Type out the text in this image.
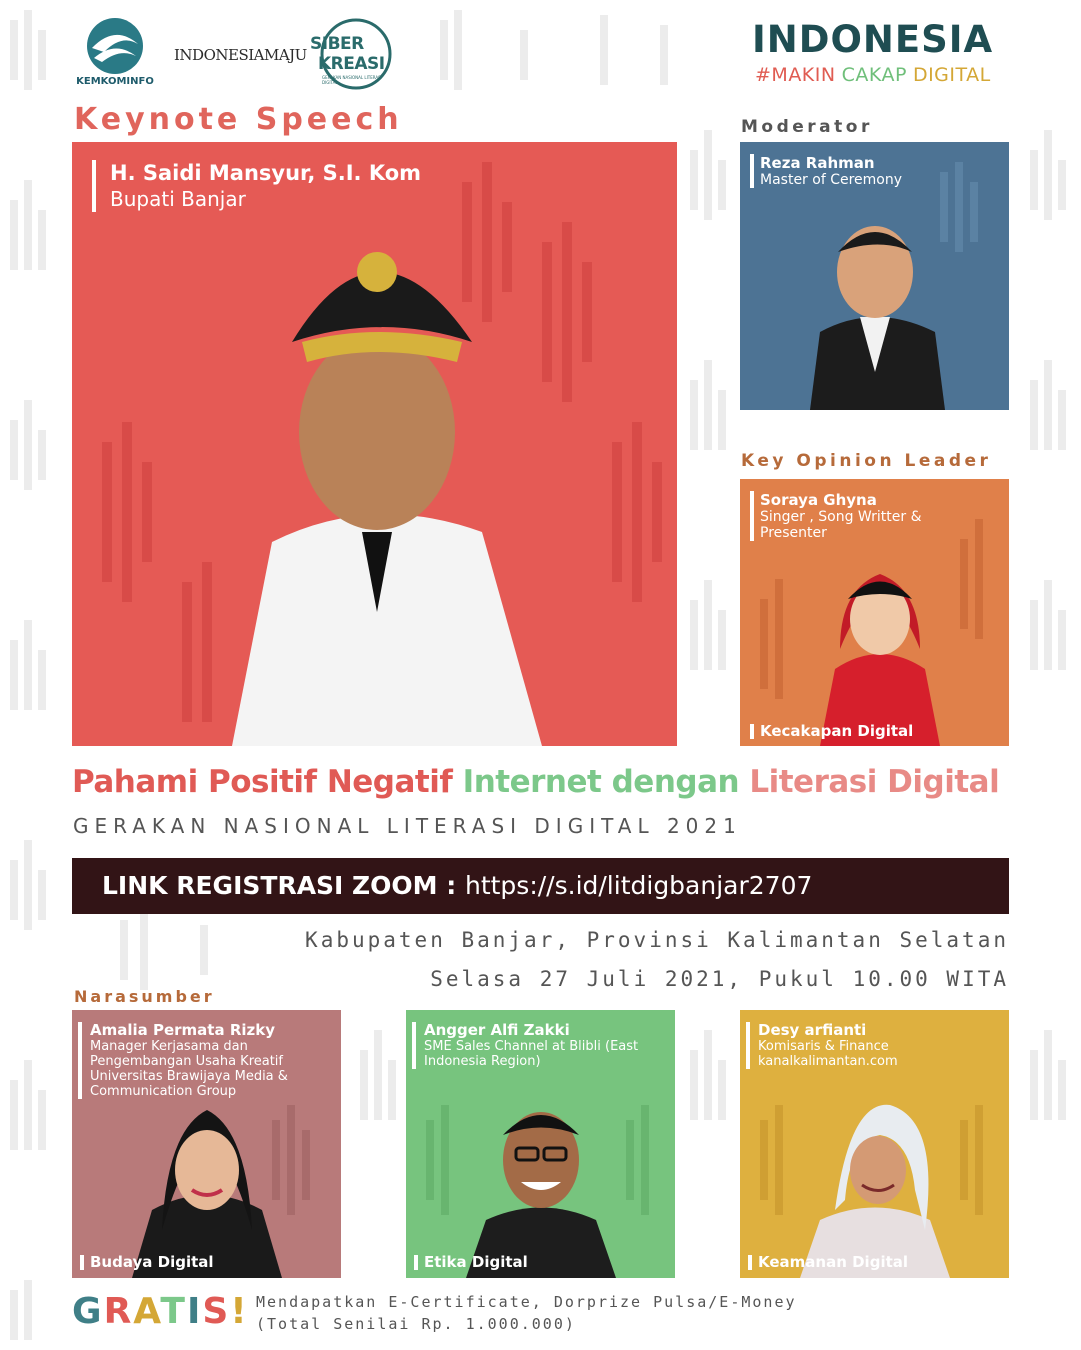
KEMKOMINFO
INDONESIAMAJU
SIBER
KREASI
GERAKAN NASIONAL LITERASI DIGITAL
INDONESIA
#MAKIN CAKAP DIGITAL
Keynote Speech	Moderator
Key Opinion Leader
H. Saidi Mansyur, S.I. Kom
Bupati Banjar
Reza Rahman
Master of Ceremony
Soraya Ghyna
Singer , Song Writter & Presenter
Kecakapan Digital
Pahami Positif Negatif Internet dengan Literasi Digital
GERAKAN NASIONAL LITERASI DIGITAL 2021
LINK REGISTRASI ZOOM : https://s.id/litdigbanjar2707
Kabupaten Banjar, Provinsi Kalimantan Selatan
Selasa 27 Juli 2021, Pukul 10.00 WITA
Narasumber
Amalia Permata Rizky
Manager Kerjasama dan Pengembangan Usaha Kreatif Universitas Brawijaya Media & Communication Group
Budaya Digital
Angger Alfi Zakki
SME Sales Channel at Blibli (East Indonesia Region)
Etika Digital
Desy arfianti
Komisaris & Finance kanalkalimantan.com
Keamanan Digital
GRATIS! Mendapatkan E-Certificate, Dorprize Pulsa/E-Money
(Total Senilai Rp. 1.000.000)
